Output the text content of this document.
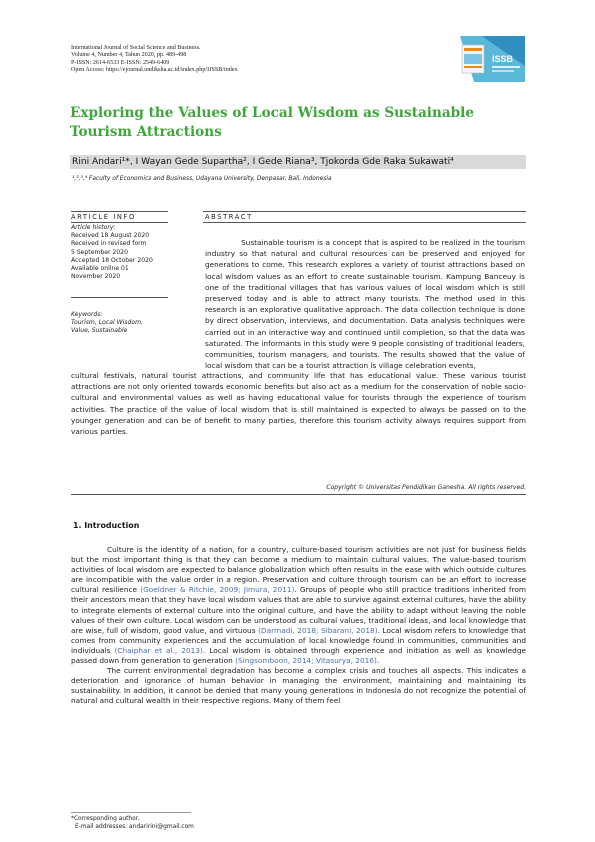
International Journal of Social Science and Business.
Volume 4, Number 4, Tahun 2020, pp. 489-498
P-ISSN: 2614-6533 E-ISSN: 2549-6409
Open Access: https://ejournal.undiksha.ac.id/index.php/IJSSB/index
ISSB
Exploring the Values of Local Wisdom as Sustainable Tourism Attractions
Rini Andari¹*, I Wayan Gede Supartha², I Gede Riana³, Tjokorda Gde Raka Sukawati⁴
¹,²,³,⁴ Faculty of Economics and Business, Udayana University, Denpasar, Bali, Indonesia
ARTICLE INFO
Article history:
Received 18 August 2020
Received in revised form
5 September 2020
Accepted 18 October 2020
Available online 01
November 2020
Keywords:
Tourism, Local Wisdom,
Value, Sustainable
ABSTRACT
Sustainable tourism is a concept that is aspired to be realized in the tourism industry so that natural and cultural resources can be preserved and enjoyed for generations to come. This research explores a variety of tourist attractions based on local wisdom values as an effort to create sustainable tourism. Kampung Banceuy is one of the traditional villages that has various values of local wisdom which is still preserved today and is able to attract many tourists. The method used in this research is an explorative qualitative approach. The data collection technique is done by direct observation, interviews, and documentation. Data analysis techniques were carried out in an interactive way and continued until completion, so that the data was saturated. The informants in this study were 9 people consisting of traditional leaders, communities, tourism managers, and tourists. The results showed that the value of local wisdom that can be a tourist attraction is village celebration events,
cultural festivals, natural tourist attractions, and community life that has educational value. These various tourist attractions are not only oriented towards economic benefits but also act as a medium for the conservation of noble socio-cultural and environmental values as well as having educational value for tourists through the experience of tourism activities. The practice of the value of local wisdom that is still maintained is expected to always be passed on to the younger generation and can be of benefit to many parties, therefore this tourism activity always requires support from various parties.
Copyright © Universitas Pendidikan Ganesha. All rights reserved.
1. Introduction

Culture is the identity of a nation, for a country, culture-based tourism activities are not just for business fields but the most important thing is that they can become a medium to maintain cultural values. The value-based tourism activities of local wisdom are expected to balance globalization which often results in the ease with which outside cultures are incompatible with the value order in a region. Preservation and culture through tourism can be an effort to increase cultural resilience (Goeldner & Ritchie, 2009; Jimura, 2011). Groups of people who still practice traditions inherited from their ancestors mean that they have local wisdom values that are able to survive against external cultures, have the ability to integrate elements of external culture into the original culture, and have the ability to adapt without leaving the noble values of their own culture. Local wisdom can be understood as cultural values, traditional ideas, and local knowledge that are wise, full of wisdom, good value, and virtuous (Darmadi, 2018; Sibarani, 2018). Local wisdom refers to knowledge that comes from community experiences and the accumulation of local knowledge found in communities, communities and individuals (Chaiphar et al., 2013). Local wisdom is obtained through experience and initiation as well as knowledge passed down from generation to generation (Singsomboon, 2014; Vitasurya, 2016).

The current environmental degradation has become a complex crisis and touches all aspects. This indicates a deterioration and ignorance of human behavior in managing the environment, maintaining and maintaining its sustainability. In addition, it cannot be denied that many young generations in Indonesia do not recognize the potential of natural and cultural wealth in their respective regions. Many of them feel

*Corresponding author.
E-mail addresses: andaririni@gmail.com
